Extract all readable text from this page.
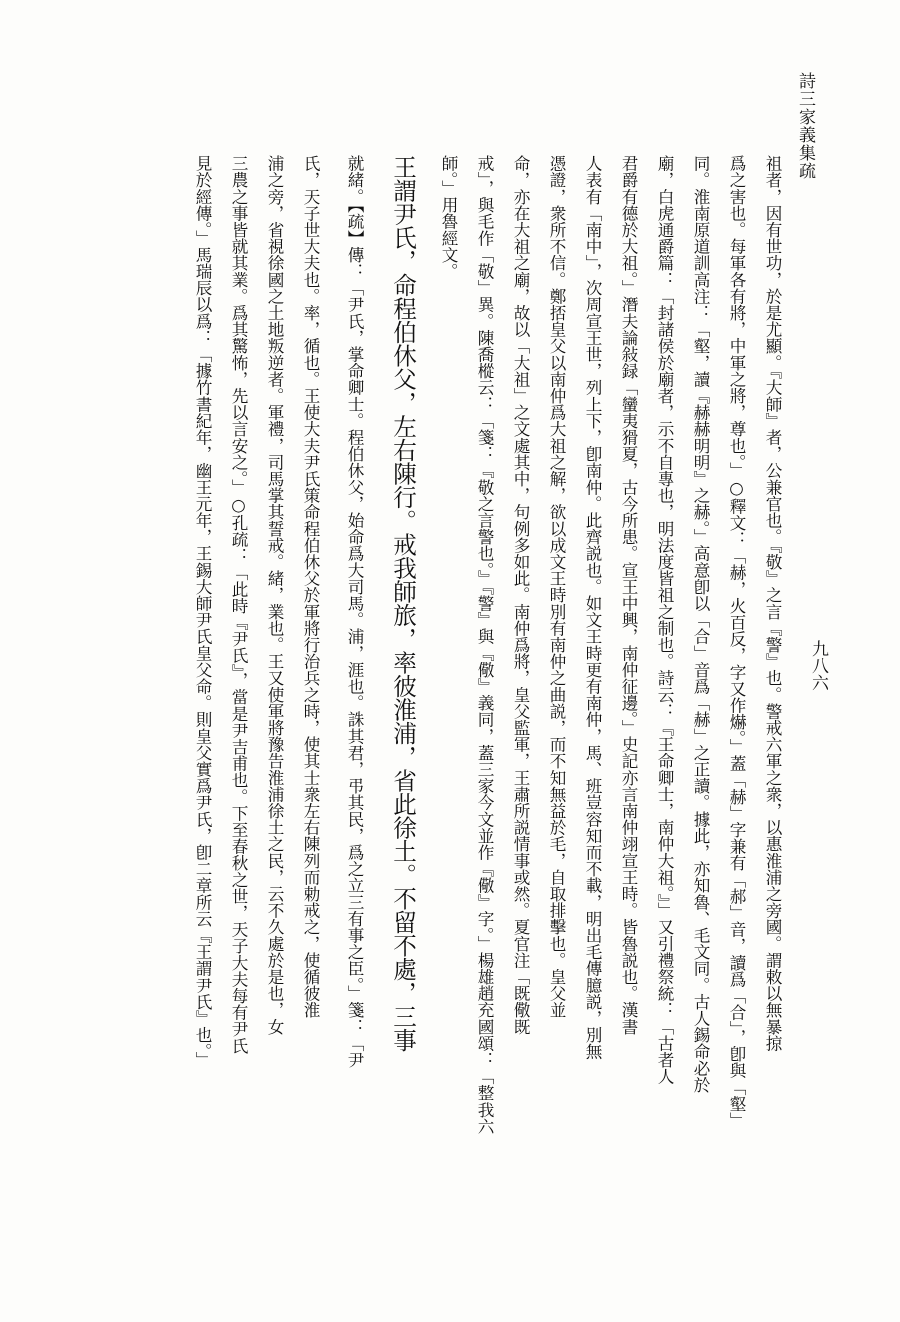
詩三家義集疏
九八六
祖者，因有世功，於是尤顯。『大師』者，公兼官也。『敬』之言『警』也。警戒六軍之衆，以惠淮浦之旁國。謂敕以無暴掠
爲之害也。每軍各有將，中軍之將，尊也。」○釋文：「赫，火百反，字又作爀。」蓋「赫」字兼有「郝」音，讀爲「合」，卽與「壑」
同。淮南原道訓高注：「壑，讀『赫赫明明』之赫。」高意卽以「合」音爲「赫」之正讀。據此，亦知魯、毛文同。古人錫命必於
廟，白虎通爵篇：「封諸侯於廟者，示不自專也，明法度皆祖之制也。詩云：『王命卿士，南仲大祖。』」又引禮祭統：「古者人
君爵有德於大祖。」潛夫論敍録「蠻夷猾夏，古今所患。宣王中興，南仲征邊。」史記亦言南仲翊宣王時。皆魯説也。漢書
人表有「南中」，次周宣王世，列上下，卽南仲。此齊説也。如文王時更有南仲，馬、班豈容知而不載，明出毛傳臆説，別無
憑證，衆所不信。鄭㧵皇父以南仲爲大祖之解，欲以成文王時別有南仲之曲説，而不知無益於毛，自取排擊也。皇父並
命，亦在大祖之廟，故以「大祖」之文處其中，句例多如此。南仲爲將，皇父監軍，王肅所説情事或然。夏官注「既儆既
戒」，與毛作「敬」異。陳喬樅云：「箋：『敬之言警也。』『警』與『儆』義同，蓋三家今文並作『儆』字。」楊雄趙充國頌：「整我六
師。」用魯經文。
王謂尹氏，命程伯休父，左右陳行。戒我師旅，率彼淮浦，省此徐土。不留不處，三事
就緒。【疏】傳：「尹氏，掌命卿士。程伯休父，始命爲大司馬。浦，涯也。誅其君，弔其民，爲之立三有事之臣。」箋：「尹
氏，天子世大夫也。率，循也。王使大夫尹氏策命程伯休父於軍將行治兵之時，使其士衆左右陳列而勅戒之，使循彼淮
浦之旁，省視徐國之土地叛逆者。軍禮，司馬掌其誓戒。緒，業也。王又使軍將豫告淮浦徐土之民，云不久處於是也，女
三農之事皆就其業。爲其驚怖，先以言安之。」○孔疏：「此時『尹氏』，當是尹吉甫也。下至春秋之世，天子大夫每有尹氏
見於經傳。」馬瑞辰以爲：「據竹書紀年，幽王元年，王錫大師尹氏皇父命。則皇父實爲尹氏，卽二章所云『王謂尹氏』也。」
